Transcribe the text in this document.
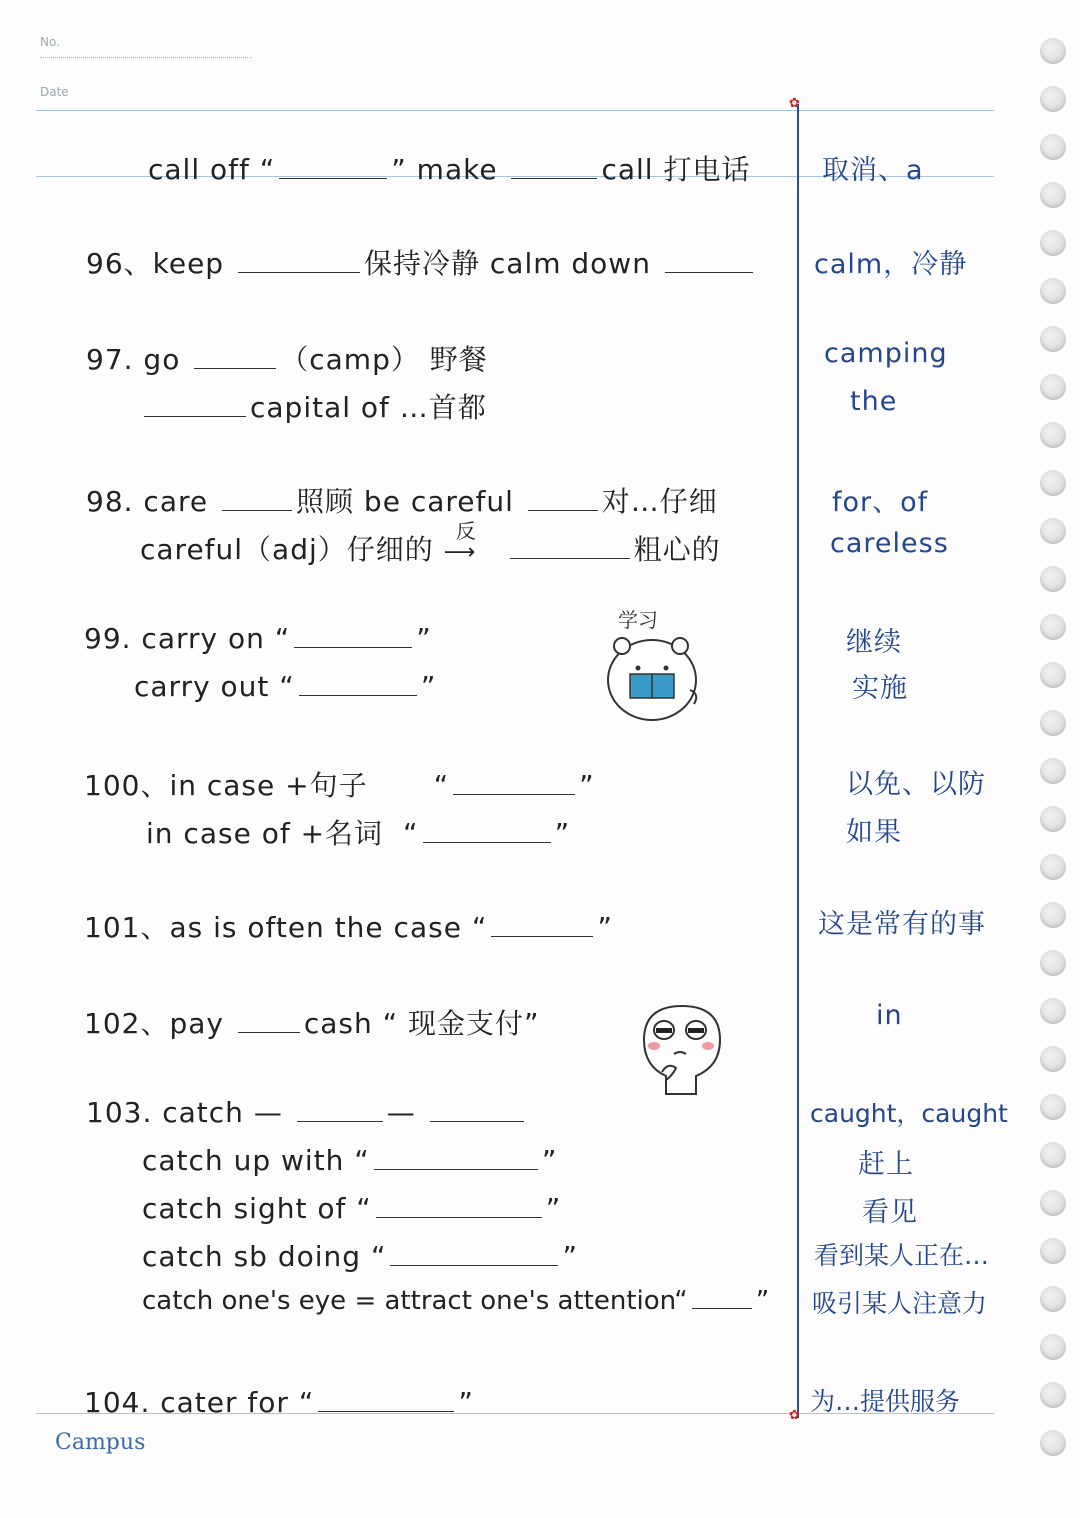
No.
Date
✿
✿
call off “	” make	call 打电话
96、keep	保持冷静 calm down
97. go	（camp） 野餐
capital of …首都
98. care	照顾 be careful	对…仔细
careful（adj）仔细的
反
⟶	粗心的
99. carry on “	”
carry out “	”
100、in case +句子 “	”
in case of +名词 “	”
101、as is often the case “	”
102、pay	cash “ 现金支付”
103. catch —	—
catch up with “	”
catch sight of “	”
catch sb doing “	”
catch one's eye = attract one's attention“	”
104. cater for “	”
取消、a
calm，冷静
camping
the
for、of
careless
继续
实施
以免、以防
如果
这是常有的事
in
caught，caught
赶上
看见
看到某人正在…
吸引某人注意力
为…提供服务
学习
Campus
